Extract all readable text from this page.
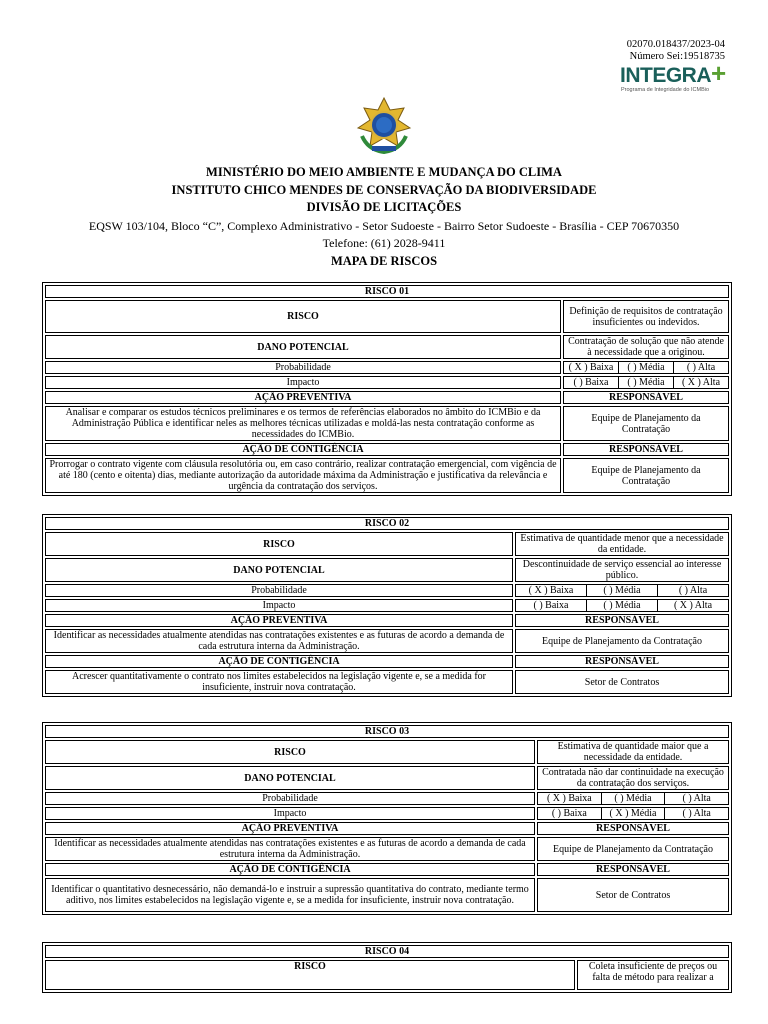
02070.018437/2023-04
Número Sei:19518735
INTEGRA+
Programa de Integridade do ICMBio
MINISTÉRIO DO MEIO AMBIENTE E MUDANÇA DO CLIMA
INSTITUTO CHICO MENDES DE CONSERVAÇÃO DA BIODIVERSIDADE
DIVISÃO DE LICITAÇÕES
EQSW 103/104, Bloco “C”, Complexo Administrativo - Setor Sudoeste - Bairro Setor Sudoeste - Brasília - CEP 70670350
Telefone: (61) 2028-9411
MAPA DE RISCOS
RISCO 01	
RISCO	Definição de requisitos de contratação insuficientes ou indevidos.
DANO POTENCIAL	Contratação de solução que não atende à necessidade que a originou.
Probabilidade	( X ) Baixa ( ) Média ( ) Alta

Impacto	( ) Baixa ( ) Média ( X ) Alta

AÇÃO PREVENTIVA	RESPONSÁVEL
Analisar e comparar os estudos técnicos preliminares e os termos de referências elaborados no âmbito do ICMBio e da Administração Pública e identificar neles as melhores técnicas utilizadas e moldá-las nesta contratação conforme as necessidades do ICMBio.	Equipe de Planejamento da Contratação
AÇÃO DE CONTIGÊNCIA	RESPONSÁVEL
Prorrogar o contrato vigente com cláusula resolutória ou, em caso contrário, realizar contratação emergencial, com vigência de até 180 (cento e oitenta) dias, mediante autorização da autoridade máxima da Administração e justificativa da relevância e urgência da contratação dos serviços.	Equipe de Planejamento da Contratação
RISCO 02	
RISCO	Estimativa de quantidade menor que a necessidade da entidade.
DANO POTENCIAL	Descontinuidade de serviço essencial ao interesse público.
Probabilidade	( X ) Baixa ( ) Média ( ) Alta

Impacto	( ) Baixa ( ) Média ( X ) Alta

AÇÃO PREVENTIVA	RESPONSÁVEL
Identificar as necessidades atualmente atendidas nas contratações existentes e as futuras de acordo a demanda de cada estrutura interna da Administração.	Equipe de Planejamento da Contratação
AÇÃO DE CONTIGÊNCIA	RESPONSÁVEL
Acrescer quantitativamente o contrato nos limites estabelecidos na legislação vigente e, se a medida for insuficiente, instruir nova contratação.	Setor de Contratos
RISCO 03	
RISCO	Estimativa de quantidade maior que a necessidade da entidade.
DANO POTENCIAL	Contratada não dar continuidade na execução da contratação dos serviços.
Probabilidade	( X ) Baixa ( ) Média ( ) Alta

Impacto	( ) Baixa ( X ) Média ( ) Alta

AÇÃO PREVENTIVA	RESPONSÁVEL
Identificar as necessidades atualmente atendidas nas contratações existentes e as futuras de acordo a demanda de cada estrutura interna da Administração.	Equipe de Planejamento da Contratação
AÇÃO DE CONTIGÊNCIA	RESPONSÁVEL
Identificar o quantitativo desnecessário, não demandá-lo e instruir a supressão quantitativa do contrato, mediante termo aditivo, nos limites estabelecidos na legislação vigente e, se a medida for insuficiente, instruir nova contratação.	Setor de Contratos
RISCO 04
RISCO	Coleta insuficiente de preços ou falta de método para realizar a
